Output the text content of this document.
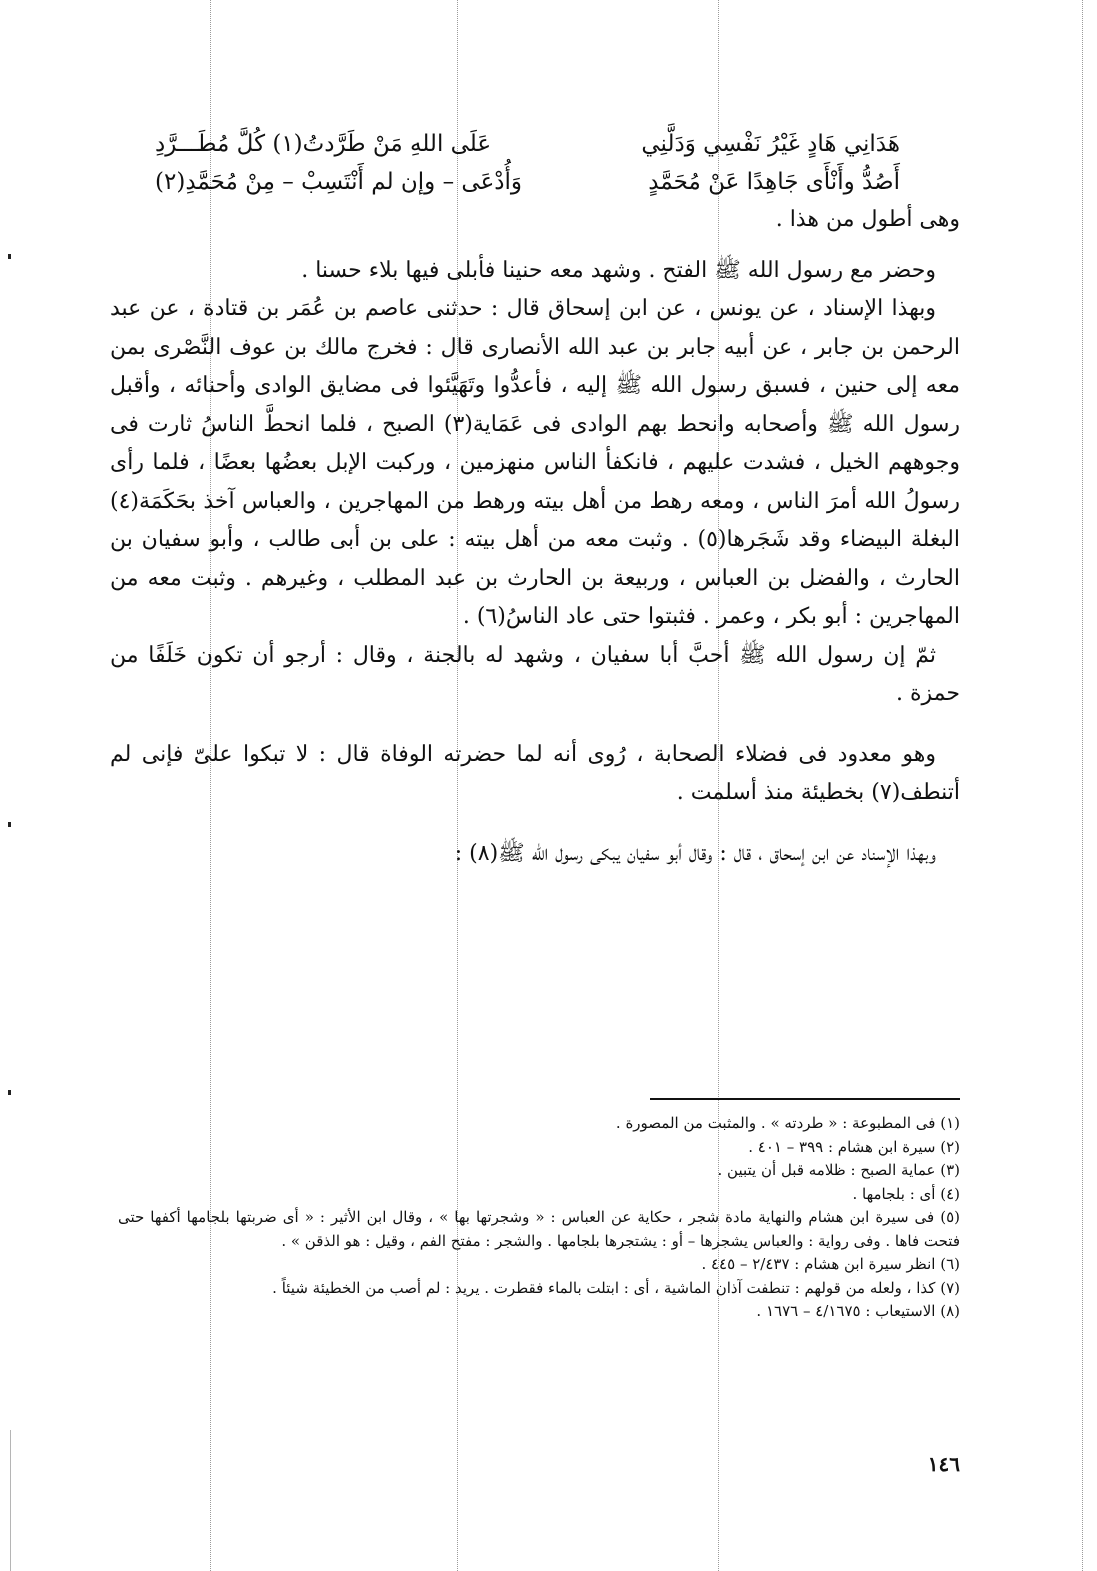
هَدَانِي هَادٍ غَيْرُ نَفْسِي وَدَلَّنِي
عَلَى اللهِ مَنْ طَرَّدتُ(١) كُلَّ مُطَـــرَّدِ
أَصُدُّ وأَنْأَى جَاهِدًا عَنْ مُحَمَّدٍ
وَأُدْعَى – وإن لم أَنْتَسِبْ – مِنْ مُحَمَّدِ(٢)

وهى أطول من هذا .

وحضر مع رسول الله ﷺ الفتح . وشهد معه حنينا فأبلى فيها بلاء حسنا .

وبهذا الإسناد ، عن يونس ، عن ابن إسحاق قال : حدثنى عاصم بن عُمَر بن قتادة ، عن عبد الرحمن بن جابر ، عن أبيه جابر بن عبد الله الأنصارى قال : فخرج مالك بن عوف النَّصْرى بمن معه إلى حنين ، فسبق رسول الله ﷺ إليه ، فأعدُّوا وتَهَيَّئوا فى مضايق الوادى وأحنائه ، وأقبل رسول الله ﷺ وأصحابه وانحط بهم الوادى فى عَمَاية(٣) الصبح ، فلما انحطَّ الناسُ ثارت فى وجوههم الخيل ، فشدت عليهم ، فانكفأ الناس منهزمين ، وركبت الإبل بعضُها بعضًا ، فلما رأى رسولُ الله أمرَ الناس ، ومعه رهط من أهل بيته ورهط من المهاجرين ، والعباس آخذ بحَكَمَة(٤) البغلة البيضاء وقد شَجَرها(٥) . وثبت معه من أهل بيته : على بن أبى طالب ، وأبو سفيان بن الحارث ، والفضل بن العباس ، وربيعة بن الحارث بن عبد المطلب ، وغيرهم . وثبت معه من المهاجرين : أبو بكر ، وعمر . فثبتوا حتى عاد الناسُ(٦) .

ثمّ إن رسول الله ﷺ أحبَّ أبا سفيان ، وشهد له بالجنة ، وقال : أرجو أن تكون خَلَفًا من حمزة .

وهو معدود فى فضلاء الصحابة ، رُوى أنه لما حضرته الوفاة قال : لا تبكوا علىّ فإنى لم أتنطف(٧) بخطيئة منذ أسلمت .

وبهذا الإسناد عن ابن إسحاق ، قال : وقال أبو سفيان يبكى رسول الله ﷺ(٨) :

(١) فى المطبوعة : « طردته » . والمثبت من المصورة .

(٢) سيرة ابن هشام : ٣٩٩ – ٤٠١ .

(٣) عماية الصبح : ظلامه قبل أن يتبين .

(٤) أى : بلجامها .

(٥) فى سيرة ابن هشام والنهاية مادة شجر ، حكاية عن العباس : « وشجرتها بها » ، وقال ابن الأثير : « أى ضربتها بلجامها أكفها حتى فتحت فاها . وفى رواية : والعباس يشجرها – أو : يشتجرها بلجامها . والشجر : مفتح الفم ، وقيل : هو الذقن » .

(٦) انظر سيرة ابن هشام : ٢/٤٣٧ – ٤٤٥ .

(٧) كذا ، ولعله من قولهم : تنطفت آذان الماشية ، أى : ابتلت بالماء فقطرت . يريد : لم أصب من الخطيئة شيئاً .

(٨) الاستيعاب : ٤/١٦٧٥ – ١٦٧٦ .

١٤٦
